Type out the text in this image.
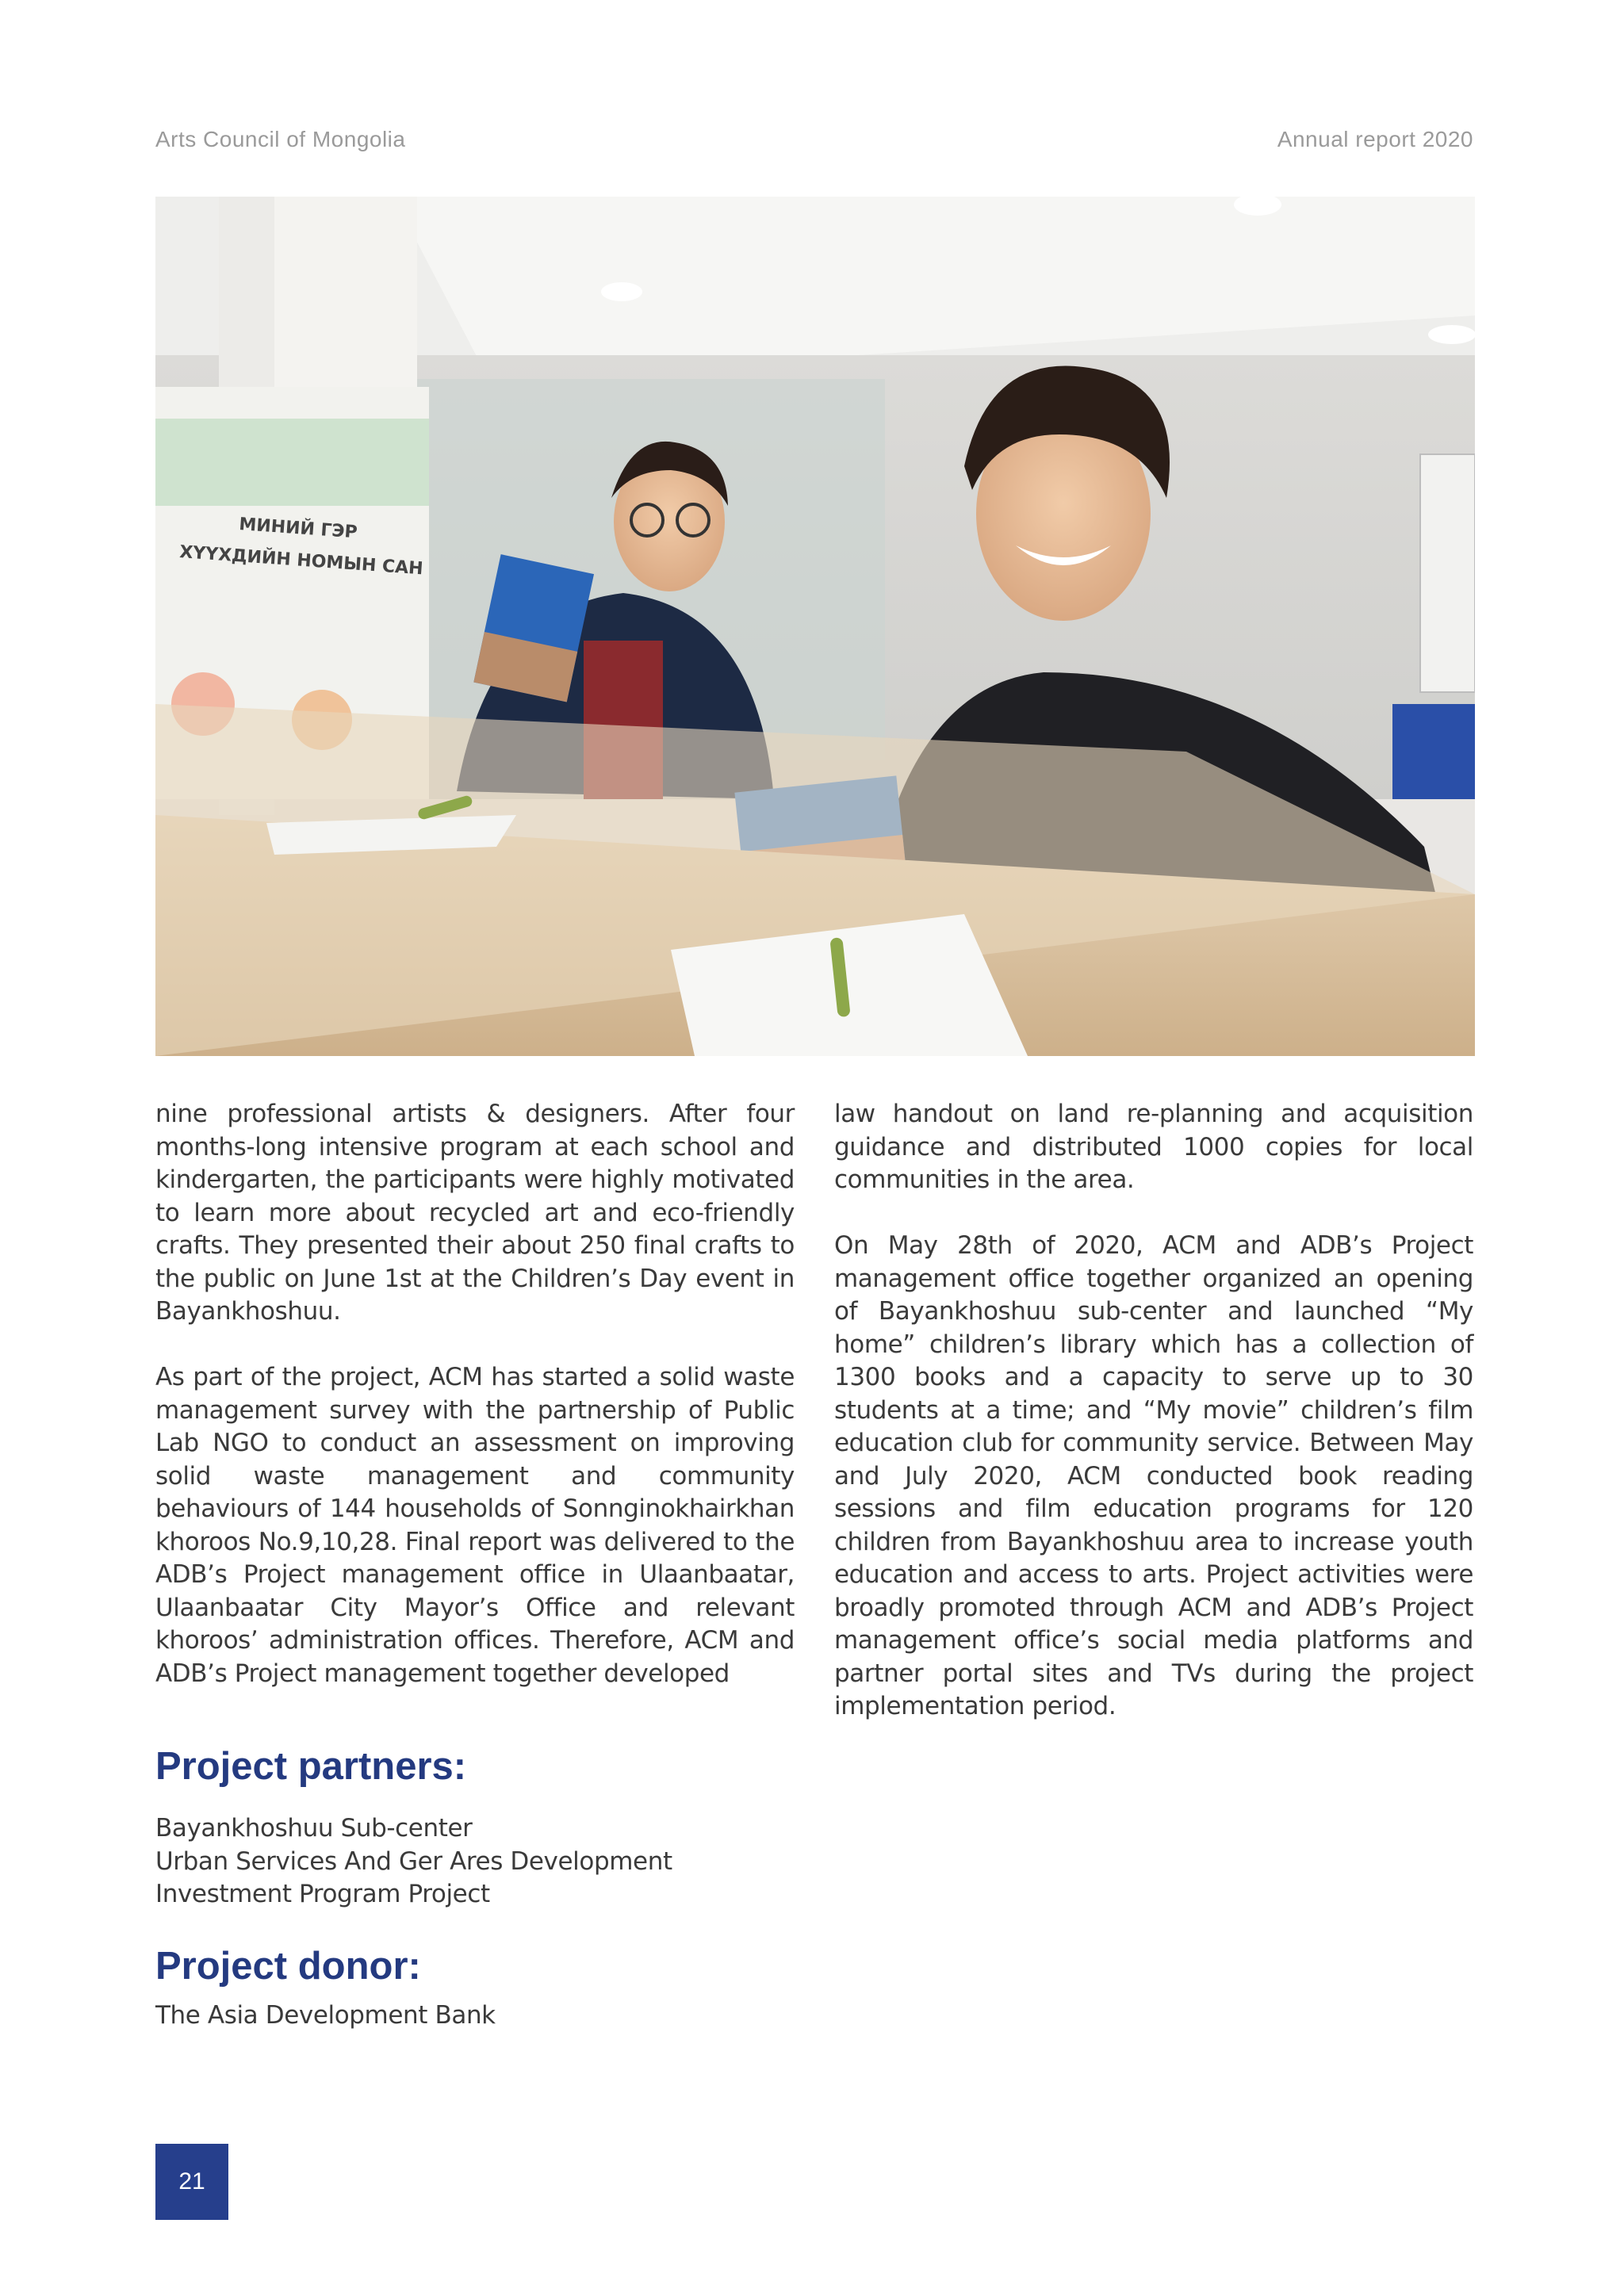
Arts Council of Mongolia	Annual report 2020
МИНИЙ ГЭР
ХҮҮХДИЙН НОМЫН САН

nine professional artists & designers. After four months-long intensive program at each school and kindergarten, the participants were highly motivated to learn more about recycled art and eco-friendly crafts. They presented their about 250 final crafts to the public on June 1st at the Children’s Day event in Bayankhoshuu.

As part of the project, ACM has started a solid waste management survey with the partnership of Public Lab NGO to conduct an assessment on improving solid waste management and community behaviours of 144 households of Sonnginokhairkhan khoroos No.9,10,28. Final report was delivered to the ADB’s Project management office in Ulaanbaatar, Ulaanbaatar City Mayor’s Office and relevant khoroos’ administration offices. Therefore, ACM and ADB’s Project management together developed

law handout on land re-planning and acquisition guidance and distributed 1000 copies for local communities in the area.

On May 28th of 2020, ACM and ADB’s Project management office together organized an opening of Bayankhoshuu sub-center and launched “My home” children’s library which has a collection of 1300 books and a capacity to serve up to 30 students at a time; and “My movie” children’s film education club for community service. Between May and July 2020, ACM conducted book reading sessions and film education programs for 120 children from Bayankhoshuu area to increase youth education and access to arts. Project activities were broadly promoted through ACM and ADB’s Project management office’s social media platforms and partner portal sites and TVs during the project implementation period.

Project partners:
Bayankhoshuu Sub-center
Urban Services And Ger Ares Development
Investment Program Project
Project donor:
The Asia Development Bank
21
